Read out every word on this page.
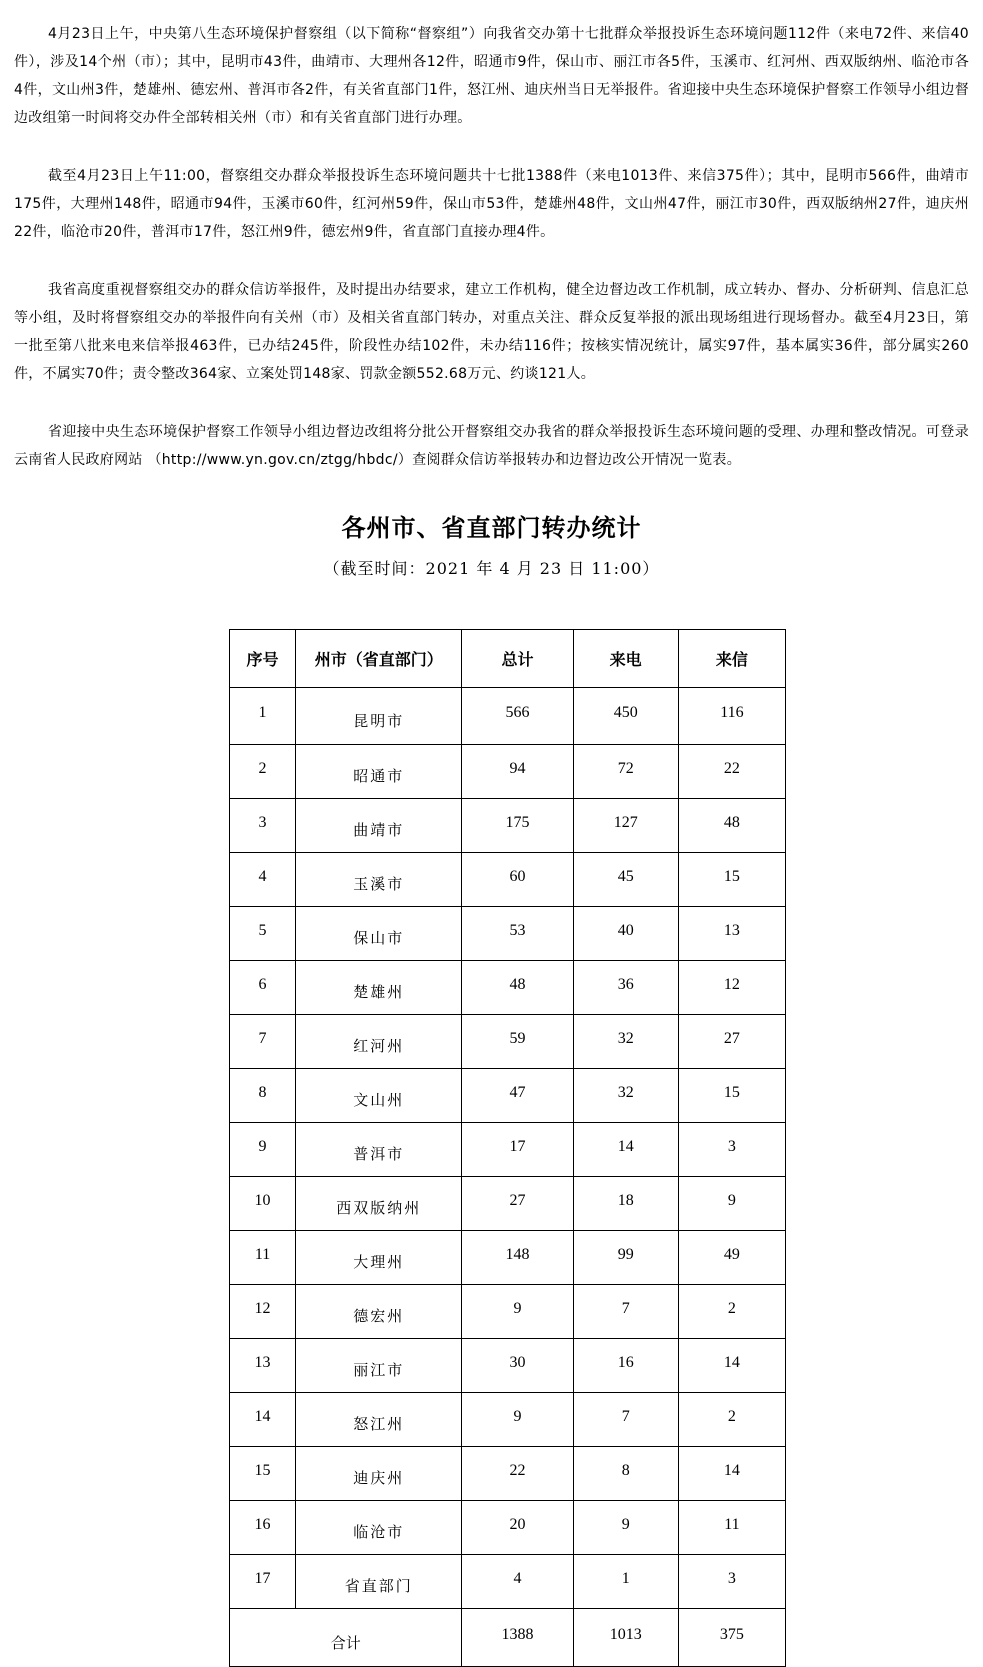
4月23日上午，中央第八生态环境保护督察组（以下简称“督察组”）向我省交办第十七批群众举报投诉生态环境问题112件（来电72件、来信40件），涉及14个州（市）；其中，昆明市43件，曲靖市、大理州各12件，昭通市9件，保山市、丽江市各5件，玉溪市、红河州、西双版纳州、临沧市各4件，文山州3件，楚雄州、德宏州、普洱市各2件，有关省直部门1件，怒江州、迪庆州当日无举报件。省迎接中央生态环境保护督察工作领导小组边督边改组第一时间将交办件全部转相关州（市）和有关省直部门进行办理。

截至4月23日上午11:00，督察组交办群众举报投诉生态环境问题共十七批1388件（来电1013件、来信375件）；其中，昆明市566件，曲靖市175件，大理州148件，昭通市94件，玉溪市60件，红河州59件，保山市53件，楚雄州48件，文山州47件，丽江市30件，西双版纳州27件，迪庆州22件，临沧市20件，普洱市17件，怒江州9件，德宏州9件，省直部门直接办理4件。

我省高度重视督察组交办的群众信访举报件，及时提出办结要求，建立工作机构，健全边督边改工作机制，成立转办、督办、分析研判、信息汇总等小组，及时将督察组交办的举报件向有关州（市）及相关省直部门转办，对重点关注、群众反复举报的派出现场组进行现场督办。截至4月23日，第一批至第八批来电来信举报463件，已办结245件，阶段性办结102件，未办结116件；按核实情况统计，属实97件，基本属实36件，部分属实260件，不属实70件；责令整改364家、立案处罚148家、罚款金额552.68万元、约谈121人。

省迎接中央生态环境保护督察工作领导小组边督边改组将分批公开督察组交办我省的群众举报投诉生态环境问题的受理、办理和整改情况。可登录云南省人民政府网站 （http://www.yn.gov.cn/ztgg/hbdc/）查阅群众信访举报转办和边督边改公开情况一览表。

各州市、省直部门转办统计
（截至时间：2021 年 4 月 23 日 11:00）
序号	州市（省直部门）	总计	来电	来信
1	昆明市	566	450	116
2	昭通市	94	72	22
3	曲靖市	175	127	48
4	玉溪市	60	45	15
5	保山市	53	40	13
6	楚雄州	48	36	12
7	红河州	59	32	27
8	文山州	47	32	15
9	普洱市	17	14	3
10	西双版纳州	27	18	9
11	大理州	148	99	49
12	德宏州	9	7	2
13	丽江市	30	16	14
14	怒江州	9	7	2
15	迪庆州	22	8	14
16	临沧市	20	9	11
17	省直部门	4	1	3
合计		1388	1013	375
